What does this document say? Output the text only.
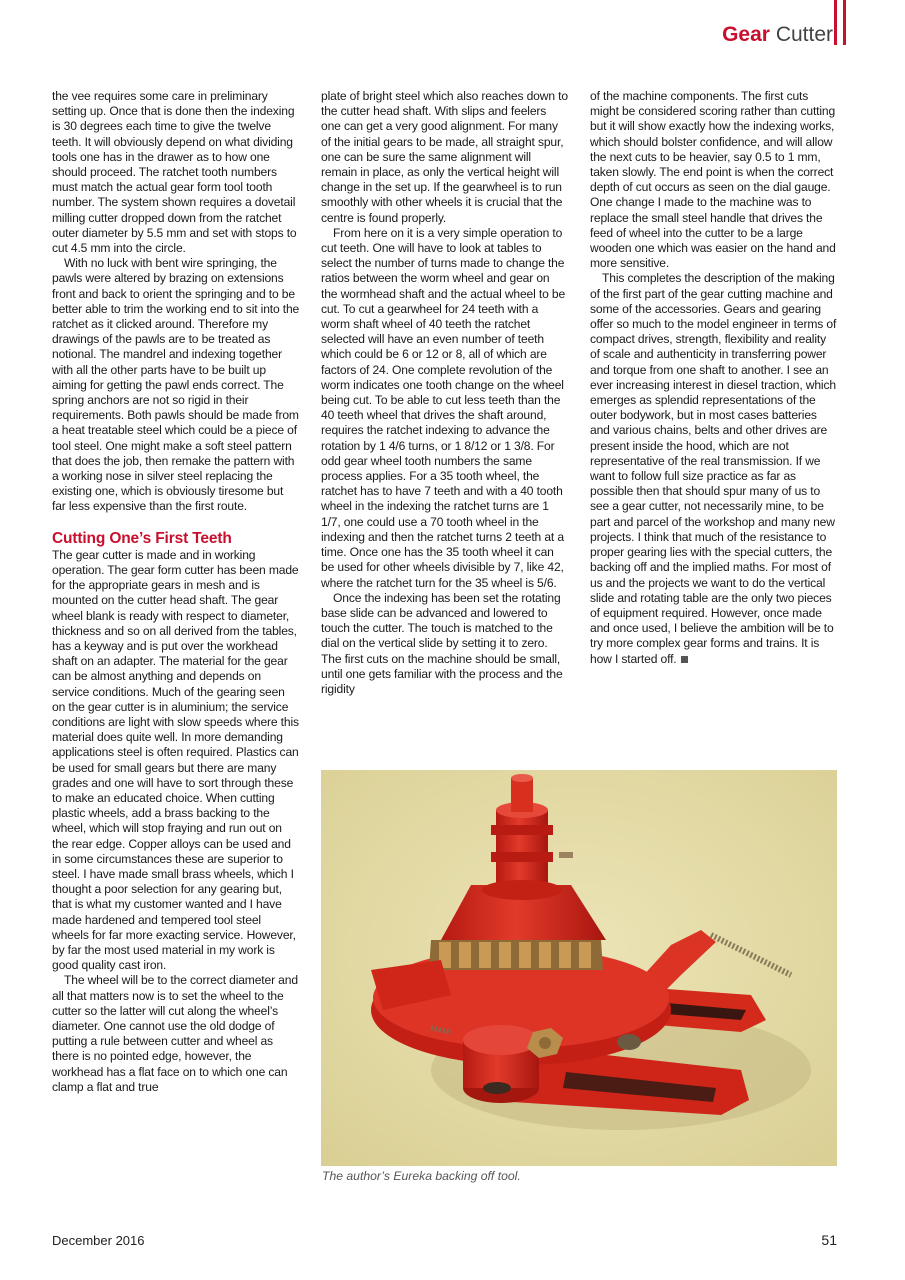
Gear Cutter

the vee requires some care in preliminary setting up. Once that is done then the indexing is 30 degrees each time to give the twelve teeth. It will obviously depend on what dividing tools one has in the drawer as to how one should proceed. The ratchet tooth numbers must match the actual gear form tool tooth number. The system shown requires a dovetail milling cutter dropped down from the ratchet outer diameter by 5.5 mm and set with stops to cut 4.5 mm into the circle.

With no luck with bent wire springing, the pawls were altered by brazing on extensions front and back to orient the springing and to be better able to trim the working end to sit into the ratchet as it clicked around. Therefore my drawings of the pawls are to be treated as notional. The mandrel and indexing together with all the other parts have to be built up aiming for getting the pawl ends correct. The spring anchors are not so rigid in their requirements. Both pawls should be made from a heat treatable steel which could be a piece of tool steel. One might make a soft steel pattern that does the job, then remake the pattern with a working nose in silver steel replacing the existing one, which is obviously tiresome but far less expensive than the first route.

Cutting One’s First Teeth

The gear cutter is made and in working operation. The gear form cutter has been made for the appropriate gears in mesh and is mounted on the cutter head shaft. The gear wheel blank is ready with respect to diameter, thickness and so on all derived from the tables, has a keyway and is put over the workhead shaft on an adapter. The material for the gear can be almost anything and depends on service conditions. Much of the gearing seen on the gear cutter is in aluminium; the service conditions are light with slow speeds where this material does quite well. In more demanding applications steel is often required. Plastics can be used for small gears but there are many grades and one will have to sort through these to make an educated choice. When cutting plastic wheels, add a brass backing to the wheel, which will stop fraying and run out on the rear edge. Copper alloys can be used and in some circumstances these are superior to steel. I have made small brass wheels, which I thought a poor selection for any gearing but, that is what my customer wanted and I have made hardened and tempered tool steel wheels for far more exacting service. However, by far the most used material in my work is good quality cast iron.

The wheel will be to the correct diameter and all that matters now is to set the wheel to the cutter so the latter will cut along the wheel’s diameter. One cannot use the old dodge of putting a rule between cutter and wheel as there is no pointed edge, however, the workhead has a flat face on to which one can clamp a flat and true

plate of bright steel which also reaches down to the cutter head shaft. With slips and feelers one can get a very good alignment. For many of the initial gears to be made, all straight spur, one can be sure the same alignment will remain in place, as only the vertical height will change in the set up. If the gearwheel is to run smoothly with other wheels it is crucial that the centre is found properly.

From here on it is a very simple operation to cut teeth. One will have to look at tables to select the number of turns made to change the ratios between the worm wheel and gear on the wormhead shaft and the actual wheel to be cut. To cut a gearwheel for 24 teeth with a worm shaft wheel of 40 teeth the ratchet selected will have an even number of teeth which could be 6 or 12 or 8, all of which are factors of 24. One complete revolution of the worm indicates one tooth change on the wheel being cut. To be able to cut less teeth than the 40 teeth wheel that drives the shaft around, requires the ratchet indexing to advance the rotation by 1 4/6 turns, or 1 8/12 or 1 3/8. For odd gear wheel tooth numbers the same process applies. For a 35 tooth wheel, the ratchet has to have 7 teeth and with a 40 tooth wheel in the indexing the ratchet turns are 1 1/7, one could use a 70 tooth wheel in the indexing and then the ratchet turns 2 teeth at a time. Once one has the 35 tooth wheel it can be used for other wheels divisible by 7, like 42, where the ratchet turn for the 35 wheel is 5/6.

Once the indexing has been set the rotating base slide can be advanced and lowered to touch the cutter. The touch is matched to the dial on the vertical slide by setting it to zero. The first cuts on the machine should be small, until one gets familiar with the process and the rigidity

of the machine components. The first cuts might be considered scoring rather than cutting but it will show exactly how the indexing works, which should bolster confidence, and will allow the next cuts to be heavier, say 0.5 to 1 mm, taken slowly. The end point is when the correct depth of cut occurs as seen on the dial gauge. One change I made to the machine was to replace the small steel handle that drives the feed of wheel into the cutter to be a large wooden one which was easier on the hand and more sensitive.

This completes the description of the making of the first part of the gear cutting machine and some of the accessories. Gears and gearing offer so much to the model engineer in terms of compact drives, strength, flexibility and reality of scale and authenticity in transferring power and torque from one shaft to another. I see an ever increasing interest in diesel traction, which emerges as splendid representations of the outer bodywork, but in most cases batteries and various chains, belts and other drives are present inside the hood, which are not representative of the real transmission. If we want to follow full size practice as far as possible then that should spur many of us to see a gear cutter, not necessarily mine, to be part and parcel of the workshop and many new projects. I think that much of the resistance to proper gearing lies with the special cutters, the backing off and the implied maths. For most of us and the projects we want to do the vertical slide and rotating table are the only two pieces of equipment required. However, once made and once used, I believe the ambition will be to try more complex gear forms and trains. It is how I started off.

The author’s Eureka backing off tool.
December 2016	51
